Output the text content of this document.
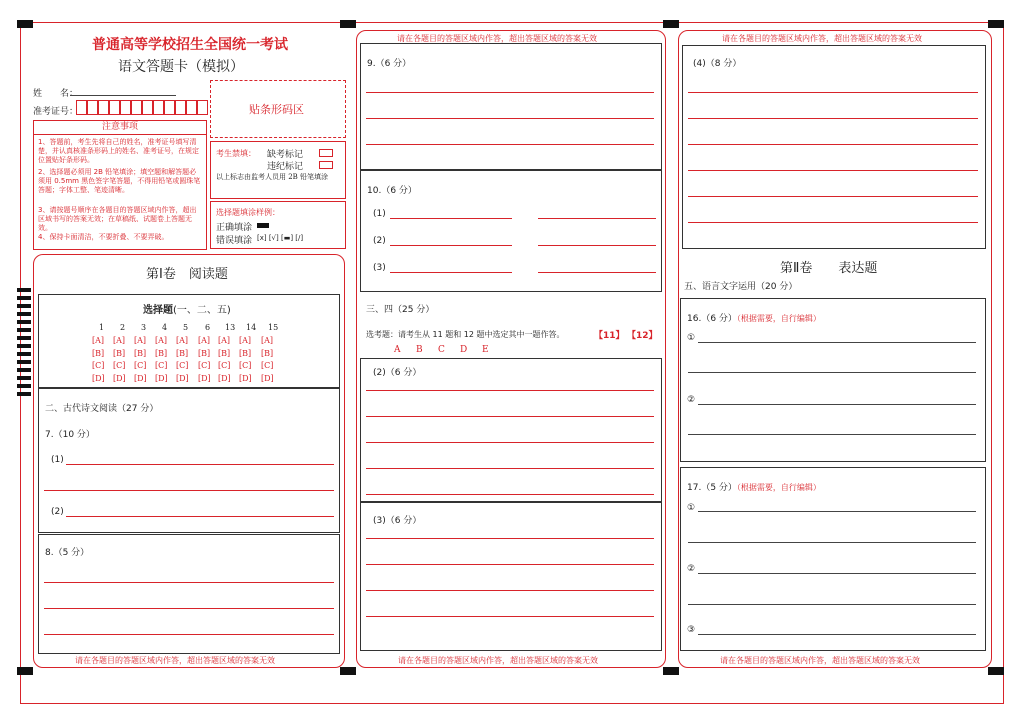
普通高等学校招生全国统一考试
语文答题卡（模拟）
姓　　名：
准考证号：	贴条形码区
注意事项
1、答题前，考生先将自己的姓名，准考证号填写清楚，并认真核准条形码上的姓名、准考证号，在规定位置贴好条形码。
2、选择题必须用 2B 铅笔填涂；填空题和解答题必须用 0.5mm 黑色签字笔答题，不得用铅笔或圆珠笔答题；字体工整、笔迹清晰。
3、请按题号顺序在各题目的答题区域内作答，超出区域书写的答案无效；在草稿纸、试题卷上答题无效。
4、保持卡面清洁，不要折叠、不要弄破。
考生禁填： 缺考标记
违纪标记
以上标志由监考人员用 2B 铅笔填涂
选择题填涂样例：
正确填涂
错误填涂 [x] [√] [▬] [/]
第Ⅰ卷　阅读题
选择题(一、二、五)
1
[A]
[B]
[C]
[D]
2
[A]
[B]
[C]
[D]
3
[A]
[B]
[C]
[D]
4
[A]
[B]
[C]
[D]
5
[A]
[B]
[C]
[D]
6
[A]
[B]
[C]
[D]
13
[A]
[B]
[C]
[D]
14
[A]
[B]
[C]
[D]
15
[A]
[B]
[C]
[D]
二、古代诗文阅读（27 分）
7.（10 分）
(1)
(2)
8.（5 分）
请在各题目的答题区域内作答，超出答题区域的答案无效
请在各题目的答题区域内作答，超出答题区域的答案无效
9.（6 分）
10.（6 分）
(1)
(2)
(3)
三、四（25 分）
选考题：请考生从 11 题和 12 题中选定其中一题作答。	【11】 【12】
A B C D E
(2)（6 分）
(3)（6 分）
请在各题目的答题区域内作答，超出答题区域的答案无效
请在各题目的答题区域内作答，超出答题区域的答案无效
(4)（8 分）
第Ⅱ卷　　表达题
五、语言文字运用（20 分）
16.（6 分）（根据需要，自行编辑）
①
②
17.（5 分）（根据需要，自行编辑）
①
②
③
请在各题目的答题区域内作答，超出答题区域的答案无效
